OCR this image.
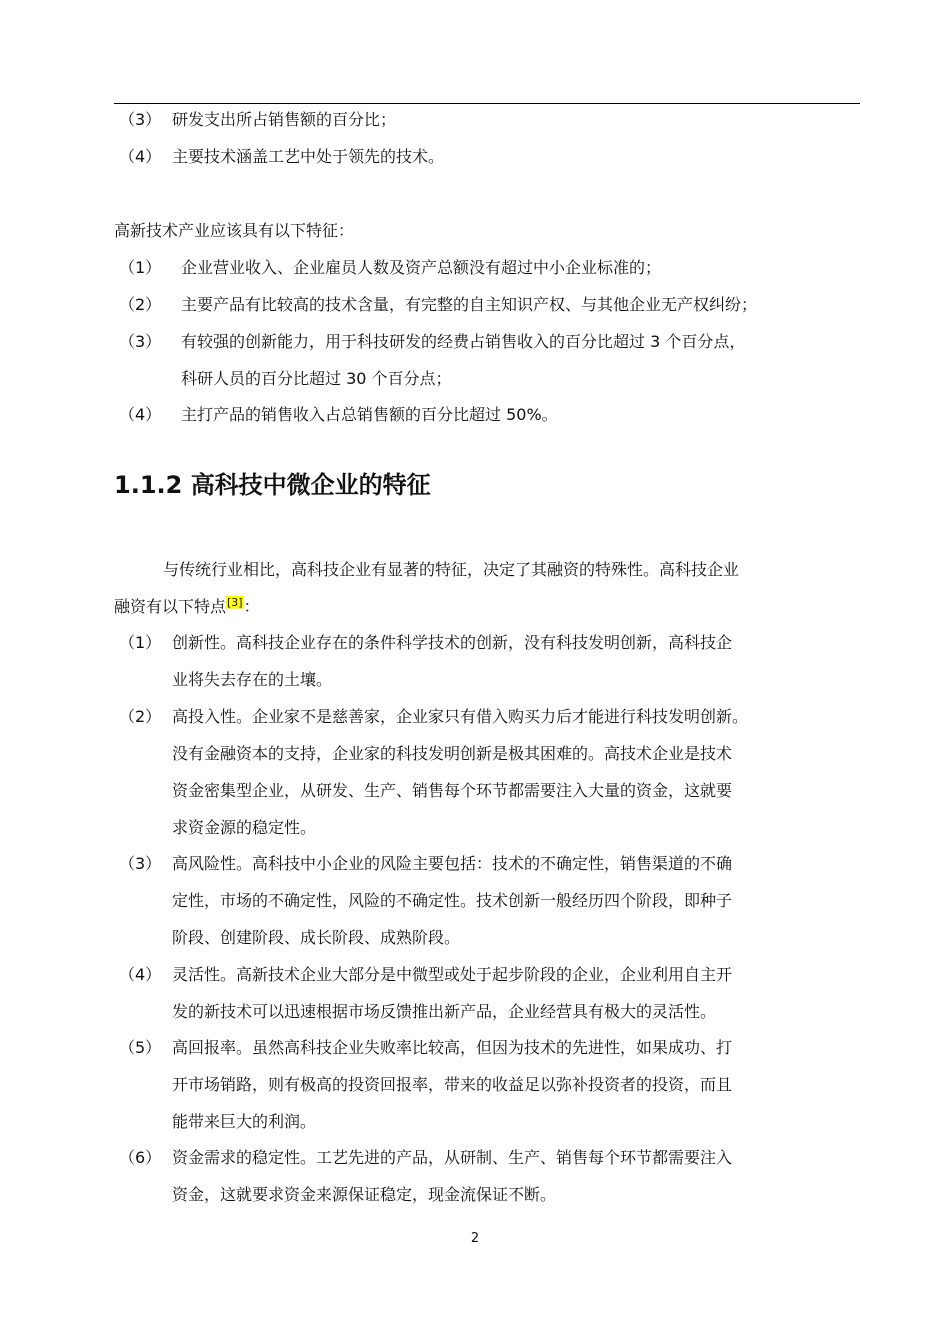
（3） 研发支出所占销售额的百分比；
（4） 主要技术涵盖工艺中处于领先的技术。
高新技术产业应该具有以下特征：
（1） 企业营业收入、企业雇员人数及资产总额没有超过中小企业标准的；
（2） 主要产品有比较高的技术含量，有完整的自主知识产权、与其他企业无产权纠纷；
（3） 有较强的创新能力，用于科技研发的经费占销售收入的百分比超过 3 个百分点，
科研人员的百分比超过 30 个百分点；
（4） 主打产品的销售收入占总销售额的百分比超过 50%。
1.1.2 高科技中微企业的特征
与传统行业相比，高科技企业有显著的特征，决定了其融资的特殊性。高科技企业
融资有以下特点[3]：
（1） 创新性。高科技企业存在的条件科学技术的创新，没有科技发明创新，高科技企
业将失去存在的土壤。
（2） 高投入性。企业家不是慈善家，企业家只有借入购买力后才能进行科技发明创新。
没有金融资本的支持，企业家的科技发明创新是极其困难的。高技术企业是技术
资金密集型企业，从研发、生产、销售每个环节都需要注入大量的资金，这就要
求资金源的稳定性。
（3） 高风险性。高科技中小企业的风险主要包括：技术的不确定性，销售渠道的不确
定性，市场的不确定性，风险的不确定性。技术创新一般经历四个阶段，即种子
阶段、创建阶段、成长阶段、成熟阶段。
（4） 灵活性。高新技术企业大部分是中微型或处于起步阶段的企业，企业利用自主开
发的新技术可以迅速根据市场反馈推出新产品，企业经营具有极大的灵活性。
（5） 高回报率。虽然高科技企业失败率比较高，但因为技术的先进性，如果成功、打
开市场销路，则有极高的投资回报率，带来的收益足以弥补投资者的投资，而且
能带来巨大的利润。
（6） 资金需求的稳定性。工艺先进的产品，从研制、生产、销售每个环节都需要注入
资金，这就要求资金来源保证稳定，现金流保证不断。
2
